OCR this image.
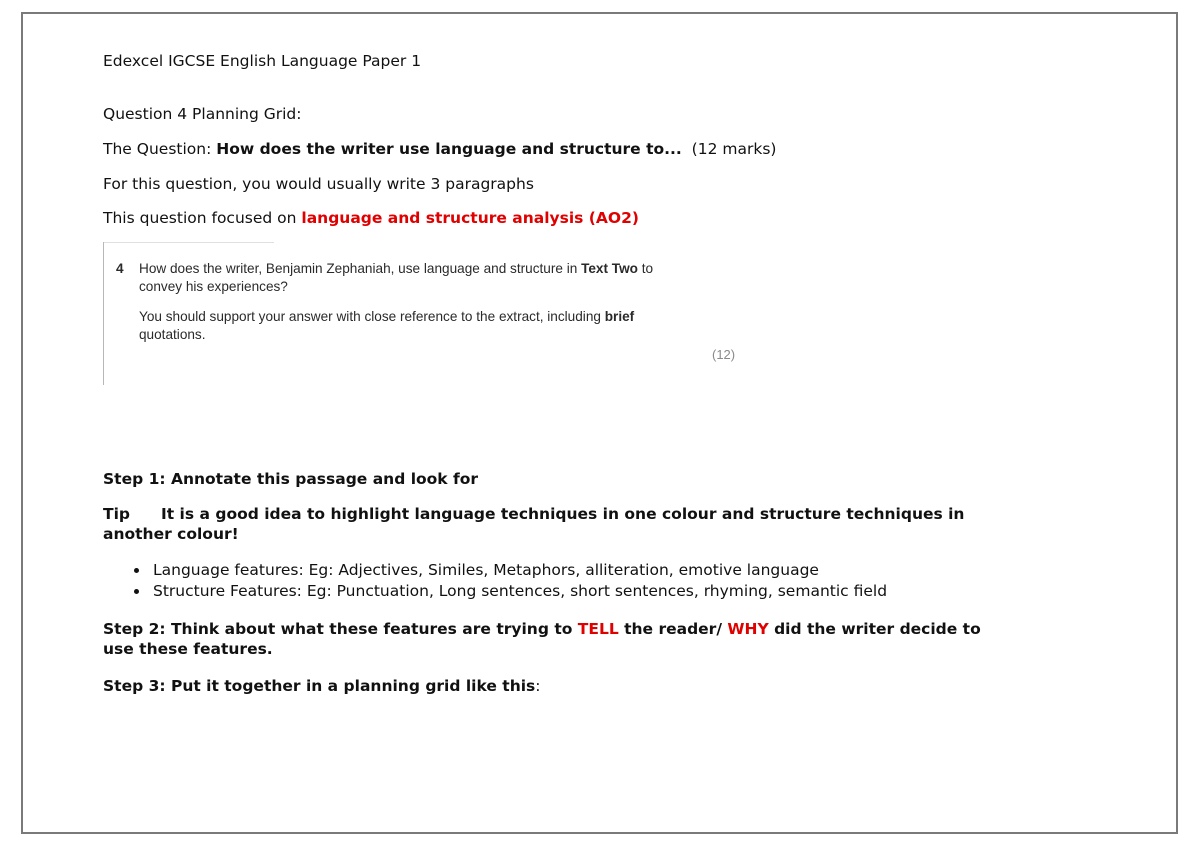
Edexcel IGCSE English Language Paper 1
Question 4 Planning Grid:
The Question: How does the writer use language and structure to...  (12 marks)
For this question, you would usually write 3 paragraphs
This question focused on language and structure analysis (AO2)
4 How does the writer, Benjamin Zephaniah, use language and structure in Text Two to
convey his experiences?
You should support your answer with close reference to the extract, including brief
quotations.
(12)
Step 1: Annotate this passage and look for
Tip It is a good idea to highlight language techniques in one colour and structure techniques in
another colour!
• Language features: Eg: Adjectives, Similes, Metaphors, alliteration, emotive language
• Structure Features: Eg: Punctuation, Long sentences, short sentences, rhyming, semantic field
Step 2: Think about what these features are trying to TELL the reader/ WHY did the writer decide to
use these features.
Step 3: Put it together in a planning grid like this:
